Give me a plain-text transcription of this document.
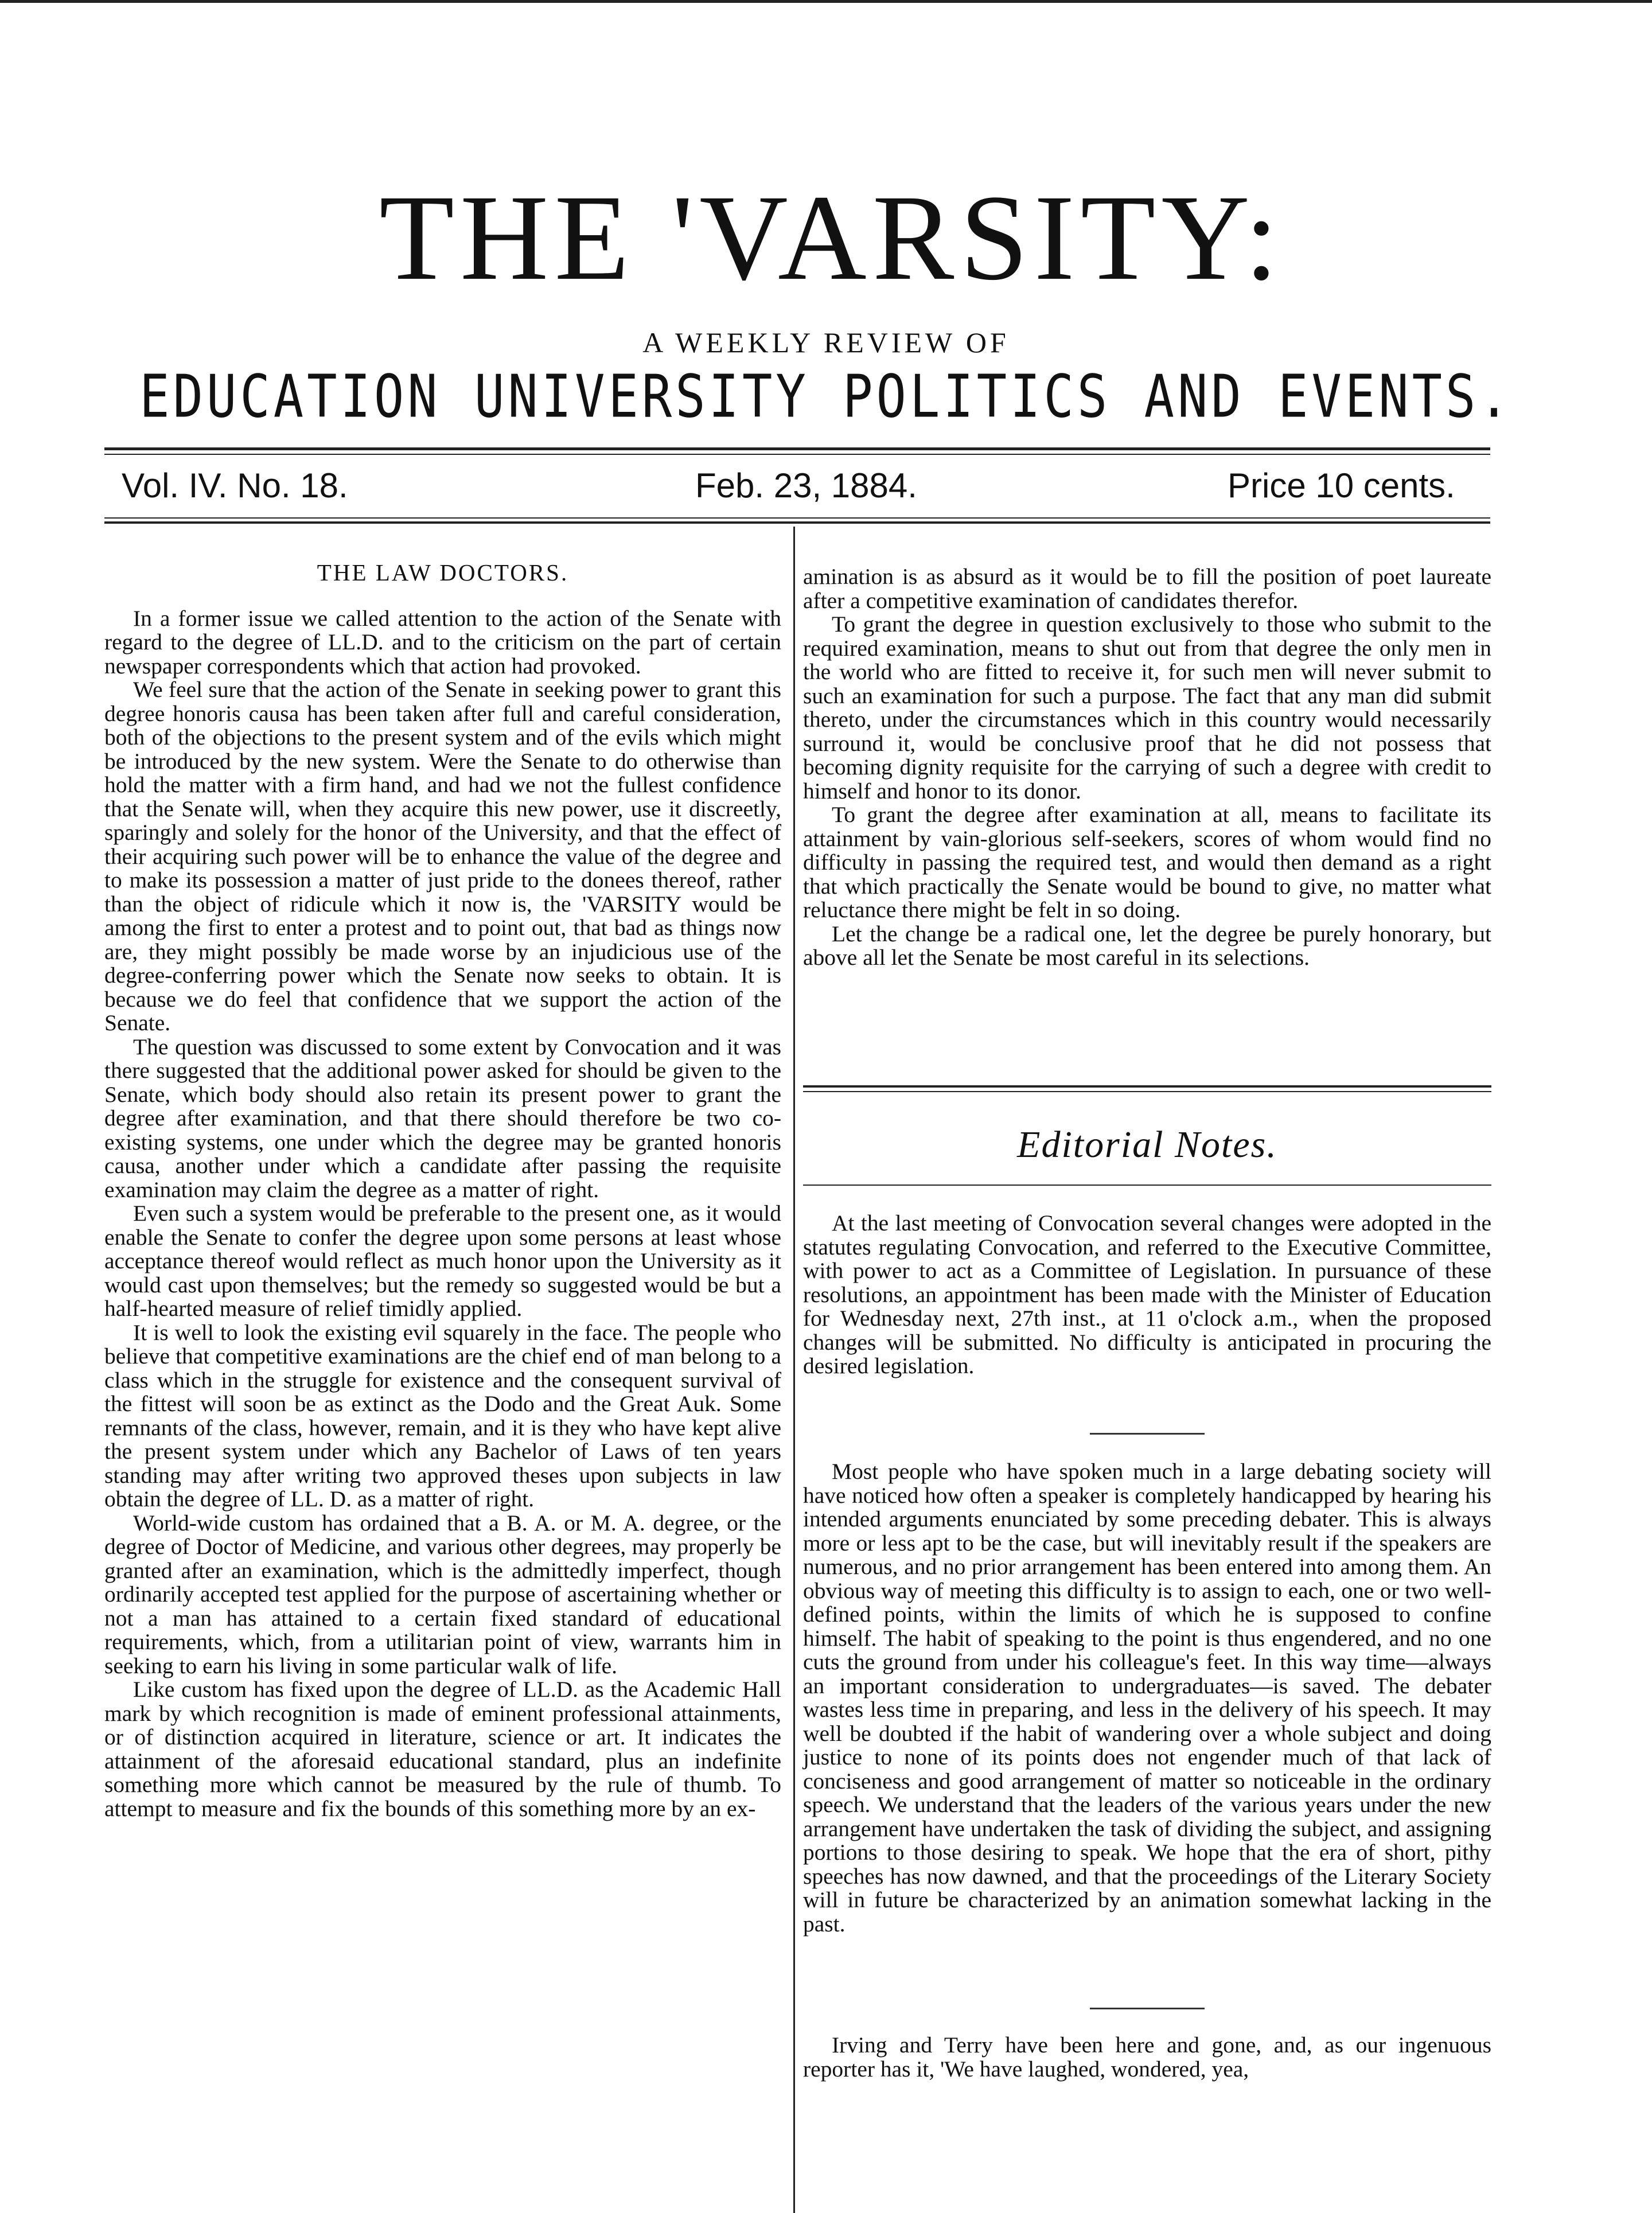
THE 'VARSITY:
A WEEKLY REVIEW OF
EDUCATION UNIVERSITY POLITICS AND EVENTS.
Vol. IV. No. 18.	Feb. 23, 1884.	Price 10 cents.
THE LAW DOCTORS.

In a former issue we called attention to the action of the Senate with regard to the degree of LL.D. and to the criticism on the part of certain newspaper correspondents which that action had provoked.

We feel sure that the action of the Senate in seeking power to grant this degree honoris causa has been taken after full and careful consideration, both of the objections to the present system and of the evils which might be introduced by the new system. Were the Senate to do otherwise than hold the matter with a firm hand, and had we not the fullest confidence that the Senate will, when they acquire this new power, use it discreetly, sparingly and solely for the honor of the University, and that the effect of their acquiring such power will be to enhance the value of the degree and to make its possession a matter of just pride to the donees thereof, rather than the object of ridicule which it now is, the 'VARSITY would be among the first to enter a protest and to point out, that bad as things now are, they might possibly be made worse by an injudicious use of the degree-conferring power which the Senate now seeks to obtain. It is because we do feel that confidence that we support the action of the Senate.

The question was discussed to some extent by Convocation and it was there suggested that the additional power asked for should be given to the Senate, which body should also retain its present power to grant the degree after examination, and that there should therefore be two co-existing systems, one under which the degree may be granted honoris causa, another under which a candidate after passing the requisite examination may claim the degree as a matter of right.

Even such a system would be preferable to the present one, as it would enable the Senate to confer the degree upon some persons at least whose acceptance thereof would reflect as much honor upon the University as it would cast upon themselves; but the remedy so suggested would be but a half-hearted measure of relief timidly applied.

It is well to look the existing evil squarely in the face. The people who believe that competitive examinations are the chief end of man belong to a class which in the struggle for existence and the consequent survival of the fittest will soon be as extinct as the Dodo and the Great Auk. Some remnants of the class, however, remain, and it is they who have kept alive the present system under which any Bachelor of Laws of ten years standing may after writing two approved theses upon subjects in law obtain the degree of LL. D. as a matter of right.

World-wide custom has ordained that a B. A. or M. A. degree, or the degree of Doctor of Medicine, and various other degrees, may properly be granted after an examination, which is the admittedly imperfect, though ordinarily accepted test applied for the purpose of ascertaining whether or not a man has attained to a certain fixed standard of educational requirements, which, from a utilitarian point of view, warrants him in seeking to earn his living in some particular walk of life.

Like custom has fixed upon the degree of LL.D. as the Academic Hall mark by which recognition is made of eminent professional attainments, or of distinction acquired in literature, science or art. It indicates the attainment of the aforesaid educational standard, plus an indefinite something more which cannot be measured by the rule of thumb. To attempt to measure and fix the bounds of this something more by an ex-

amination is as absurd as it would be to fill the position of poet laureate after a competitive examination of candidates therefor.

To grant the degree in question exclusively to those who submit to the required examination, means to shut out from that degree the only men in the world who are fitted to receive it, for such men will never submit to such an examination for such a purpose. The fact that any man did submit thereto, under the circumstances which in this country would necessarily surround it, would be conclusive proof that he did not possess that becoming dignity requisite for the carrying of such a degree with credit to himself and honor to its donor.

To grant the degree after examination at all, means to facilitate its attainment by vain-glorious self-seekers, scores of whom would find no difficulty in passing the required test, and would then demand as a right that which practically the Senate would be bound to give, no matter what reluctance there might be felt in so doing.

Let the change be a radical one, let the degree be purely honorary, but above all let the Senate be most careful in its selections.

Editorial Notes.

At the last meeting of Convocation several changes were adopted in the statutes regulating Convocation, and referred to the Executive Committee, with power to act as a Committee of Legislation. In pursuance of these resolutions, an appointment has been made with the Minister of Education for Wednesday next, 27th inst., at 11 o'clock a.m., when the proposed changes will be submitted. No difficulty is anticipated in procuring the desired legislation.

Most people who have spoken much in a large debating society will have noticed how often a speaker is completely handicapped by hearing his intended arguments enunciated by some preceding debater. This is always more or less apt to be the case, but will inevitably result if the speakers are numerous, and no prior arrangement has been entered into among them. An obvious way of meeting this difficulty is to assign to each, one or two well-defined points, within the limits of which he is supposed to confine himself. The habit of speaking to the point is thus engendered, and no one cuts the ground from under his colleague's feet. In this way time—always an important consideration to undergraduates—is saved. The debater wastes less time in preparing, and less in the delivery of his speech. It may well be doubted if the habit of wandering over a whole subject and doing justice to none of its points does not engender much of that lack of conciseness and good arrangement of matter so noticeable in the ordinary speech. We understand that the leaders of the various years under the new arrangement have undertaken the task of dividing the subject, and assigning portions to those desiring to speak. We hope that the era of short, pithy speeches has now dawned, and that the proceedings of the Literary Society will in future be characterized by an animation somewhat lacking in the past.

Irving and Terry have been here and gone, and, as our ingenuous reporter has it, 'We have laughed, wondered, yea,
